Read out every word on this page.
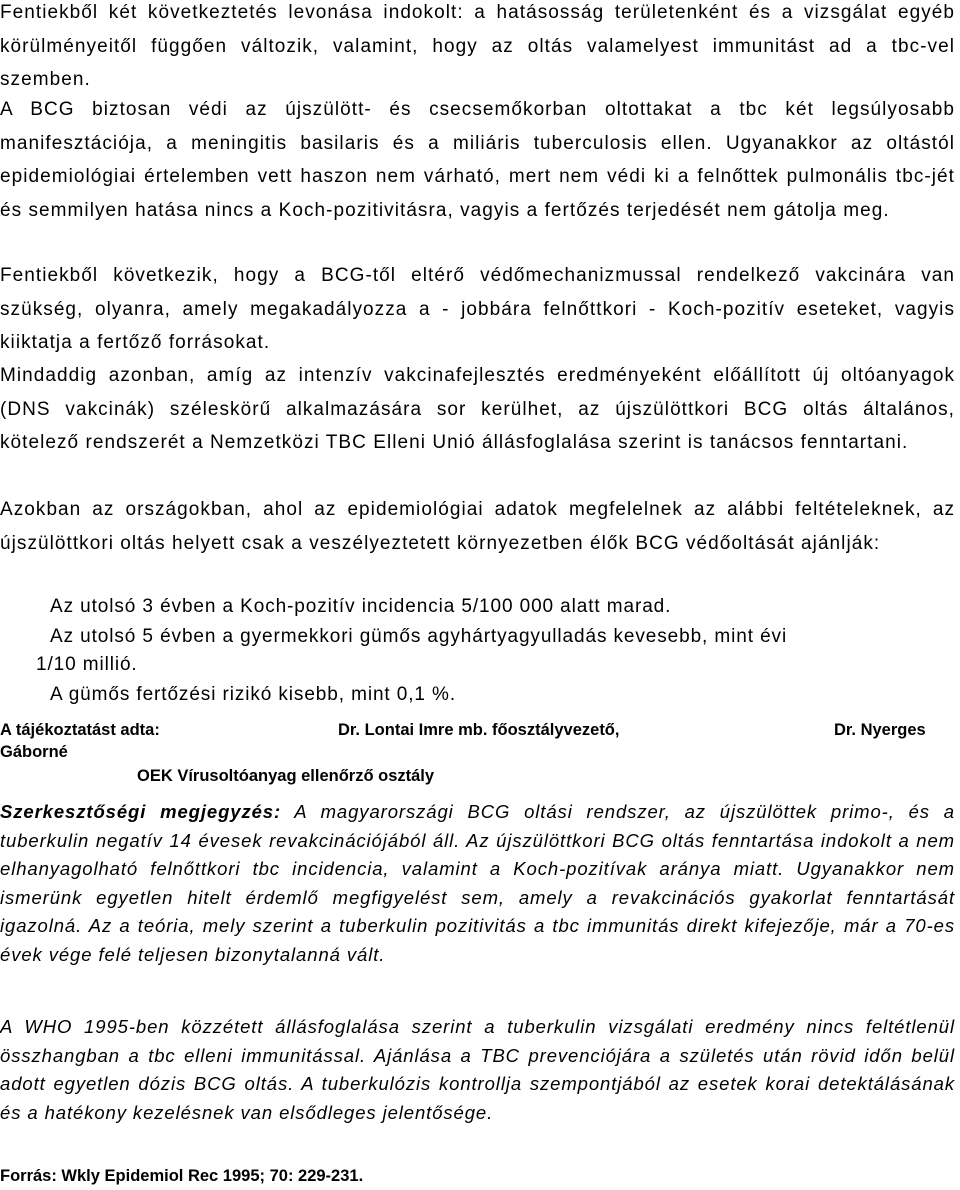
Fentiekből két következtetés levonása indokolt: a hatásosság területenként és a vizsgálat egyéb körülményeitől függően változik, valamint, hogy az oltás valamelyest immunitást ad a tbc-vel szemben.

A BCG biztosan védi az újszülött- és csecsemőkorban oltottakat a tbc két legsúlyosabb manifesztációja, a meningitis basilaris és a miliáris tuberculosis ellen. Ugyanakkor az oltástól epidemiológiai értelemben vett haszon nem várható, mert nem védi ki a felnőttek pulmonális tbc-jét és semmilyen hatása nincs a Koch-pozitivitásra, vagyis a fertőzés terjedését nem gátolja meg.

Fentiekből következik, hogy a BCG-től eltérő védőmechanizmussal rendelkező vakcinára van szükség, olyanra, amely megakadályozza a - jobbára felnőttkori - Koch-pozitív eseteket, vagyis kiiktatja a fertőző forrásokat.

Mindaddig azonban, amíg az intenzív vakcinafejlesztés eredményeként előállított új oltóanyagok (DNS vakcinák) széleskörű alkalmazására sor kerülhet, az újszülöttkori BCG oltás általános, kötelező rendszerét a Nemzetközi TBC Elleni Unió állásfoglalása szerint is tanácsos fenntartani.

Azokban az országokban, ahol az epidemiológiai adatok megfelelnek az alábbi feltételeknek, az újszülöttkori oltás helyett csak a veszélyeztetett környezetben élők BCG védőoltását ajánlják:

Az utolsó 3 évben a Koch-pozitív incidencia 5/100 000 alatt marad.

Az utolsó 5 évben a gyermekkori gümős agyhártyagyulladás kevesebb, mint évi

1/10 millió.

A gümős fertőzési rizikó kisebb, mint 0,1 %.

A tájékoztatást adta:	Dr. Lontai Imre mb. főosztályvezető,	Dr. Nyerges

Gáborné

OEK Vírusoltóanyag ellenőrző osztály

Szerkesztőségi megjegyzés: A magyarországi BCG oltási rendszer, az újszülöttek primo-, és a tuberkulin negatív 14 évesek revakcinációjából áll. Az újszülöttkori BCG oltás fenntartása indokolt a nem elhanyagolható felnőttkori tbc incidencia, valamint a Koch-pozitívak aránya miatt. Ugyanakkor nem ismerünk egyetlen hitelt érdemlő megfigyelést sem, amely a revakcinációs gyakorlat fenntartását igazolná. Az a teória, mely szerint a tuberkulin pozitivitás a tbc immunitás direkt kifejezője, már a 70-es évek vége felé teljesen bizonytalanná vált.

A WHO 1995-ben közzétett állásfoglalása szerint a tuberkulin vizsgálati eredmény nincs feltétlenül összhangban a tbc elleni immunitással. Ajánlása a TBC prevenciójára a születés után rövid időn belül adott egyetlen dózis BCG oltás. A tuberkulózis kontrollja szempontjából az esetek korai detektálásának és a hatékony kezelésnek van elsődleges jelentősége.

Forrás: Wkly Epidemiol Rec 1995; 70: 229-231.
